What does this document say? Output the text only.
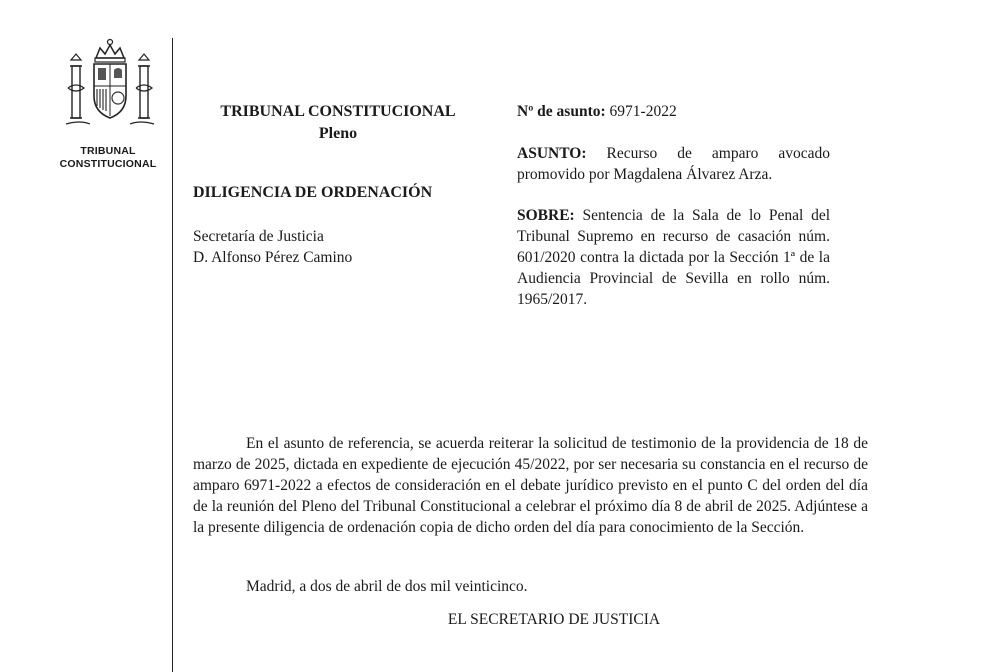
TRIBUNAL
CONSTITUCIONAL
TRIBUNAL CONSTITUCIONAL
Pleno
DILIGENCIA DE ORDENACIÓN
Secretaría de Justicia
D. Alfonso Pérez Camino

Nº de asunto: 6971-2022

ASUNTO: Recurso de amparo avocado promovido por Magdalena Álvarez Arza.

SOBRE: Sentencia de la Sala de lo Penal del Tribunal Supremo en recurso de casación núm. 601/2020 contra la dictada por la Sección 1ª de la Audiencia Provincial de Sevilla en rollo núm. 1965/2017.

En el asunto de referencia, se acuerda reiterar la solicitud de testimonio de la providencia de 18 de marzo de 2025, dictada en expediente de ejecución 45/2022, por ser necesaria su constancia en el recurso de amparo 6971-2022 a efectos de consideración en el debate jurídico previsto en el punto C del orden del día de la reunión del Pleno del Tribunal Constitucional a celebrar el próximo día 8 de abril de 2025. Adjúntese a la presente diligencia de ordenación copia de dicho orden del día para conocimiento de la Sección.

Madrid, a dos de abril de dos mil veinticinco.
EL SECRETARIO DE JUSTICIA
